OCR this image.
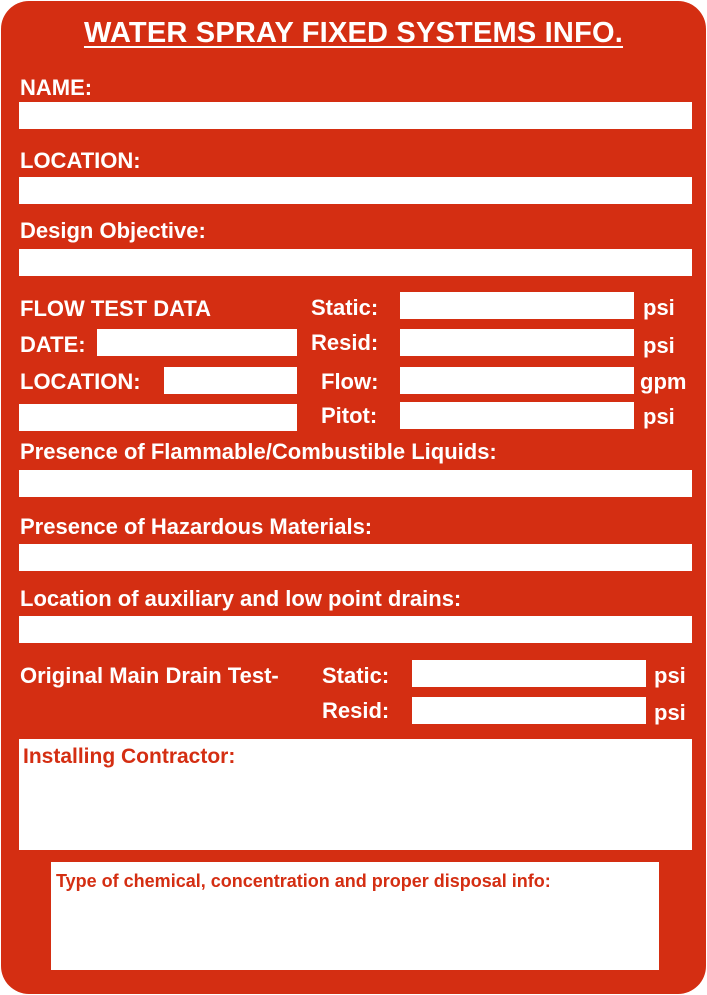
WATER SPRAY FIXED SYSTEMS INFO.
NAME:
LOCATION:
Design Objective:
FLOW TEST DATA
DATE:
LOCATION:
Static:	psi
Resid:	psi
Flow:	gpm
Pitot:	psi
Presence of Flammable/Combustible Liquids:
Presence of Hazardous Materials:
Location of auxiliary and low point drains:
Original Main Drain Test- Static:	psi
Resid:	psi
Installing Contractor:
Type of chemical, concentration and proper disposal info:
